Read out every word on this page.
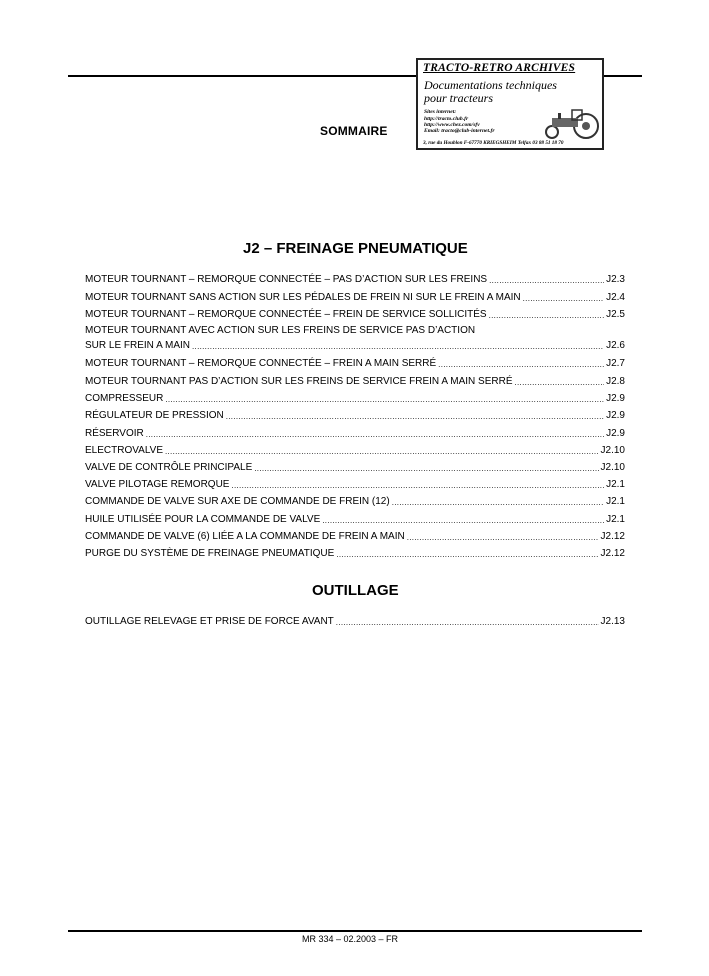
TRACTO-RETRO ARCHIVES
Documentations techniques
pour tracteurs
Sites internet:
http://tracto.club.fr
http://www.chez.com/sfv
Email: tracto@club-internet.fr
3, rue du Houblon F-67770 KRIEGSHEIM Telfax 03 88 51 18 70
SOMMAIRE
J2 – FREINAGE PNEUMATIQUE
MOTEUR TOURNANT – REMORQUE CONNECTÉE – PAS D’ACTION SUR LES FREINS .....	J2.3
MOTEUR TOURNANT SANS ACTION SUR LES PÉDALES DE FREIN NI SUR LE FREIN A MAIN .....	J2.4
MOTEUR TOURNANT – REMORQUE CONNECTÉE – FREIN DE SERVICE SOLLICITÉS .....	J2.5
MOTEUR TOURNANT AVEC ACTION SUR LES FREINS DE SERVICE PAS D’ACTION
SUR LE FREIN A MAIN .....	J2.6
MOTEUR TOURNANT – REMORQUE CONNECTÉE – FREIN A MAIN SERRÉ .....	J2.7
MOTEUR TOURNANT PAS D’ACTION SUR LES FREINS DE SERVICE FREIN A MAIN SERRÉ .....	J2.8
COMPRESSEUR .....	J2.9
RÉGULATEUR DE PRESSION .....	J2.9
RÉSERVOIR .....	J2.9
ELECTROVALVE .....	J2.10
VALVE DE CONTRÔLE PRINCIPALE .....	J2.10
VALVE PILOTAGE REMORQUE .....	J2.1
COMMANDE DE VALVE SUR AXE DE COMMANDE DE FREIN (12) .....	J2.1
HUILE UTILISÉE POUR LA COMMANDE DE VALVE .....	J2.1
COMMANDE DE VALVE (6) LIÉE A LA COMMANDE DE FREIN A MAIN .....	J2.12
PURGE DU SYSTÈME DE FREINAGE PNEUMATIQUE .....	J2.12
OUTILLAGE
OUTILLAGE RELEVAGE ET PRISE DE FORCE AVANT .....	J2.13
MR 334 – 02.2003 – FR
